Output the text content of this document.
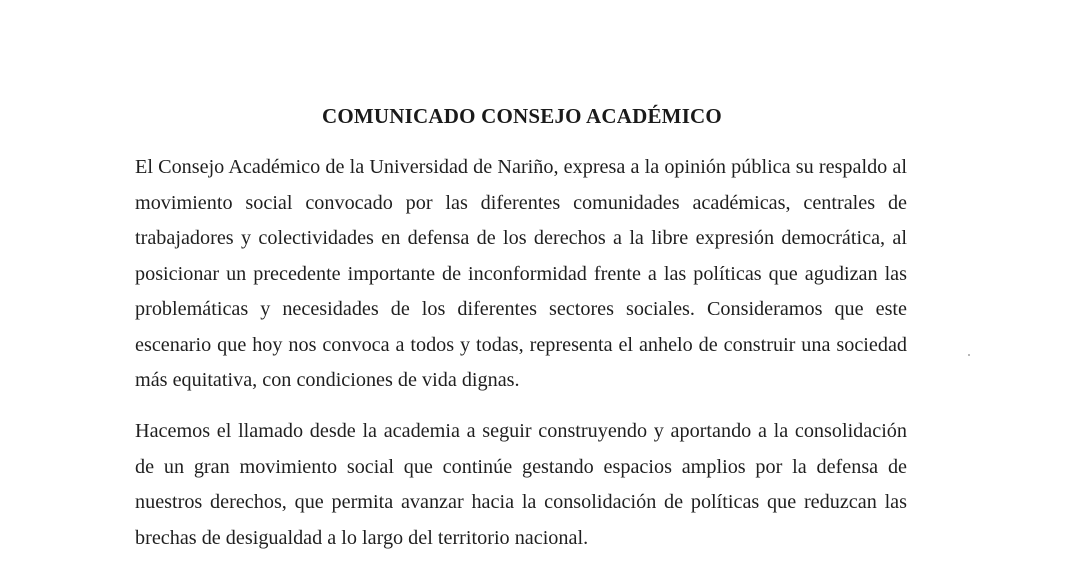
COMUNICADO CONSEJO ACADÉMICO

El Consejo Académico de la Universidad de Nariño, expresa a la opinión pública su respaldo al movimiento social convocado por las diferentes comunidades académicas, centrales de trabajadores y colectividades en defensa de los derechos a la libre expresión democrática, al posicionar un precedente importante de inconformidad frente a las políticas que agudizan las problemáticas y necesidades de los diferentes sectores sociales. Consideramos que este escenario que hoy nos convoca a todos y todas, representa el anhelo de construir una sociedad más equitativa, con condiciones de vida dignas.

Hacemos el llamado desde la academia a seguir construyendo y aportando a la consolidación de un gran movimiento social que continúe gestando espacios amplios por la defensa de nuestros derechos, que permita avanzar hacia la consolidación de políticas que reduzcan las brechas de desigualdad a lo largo del territorio nacional.
